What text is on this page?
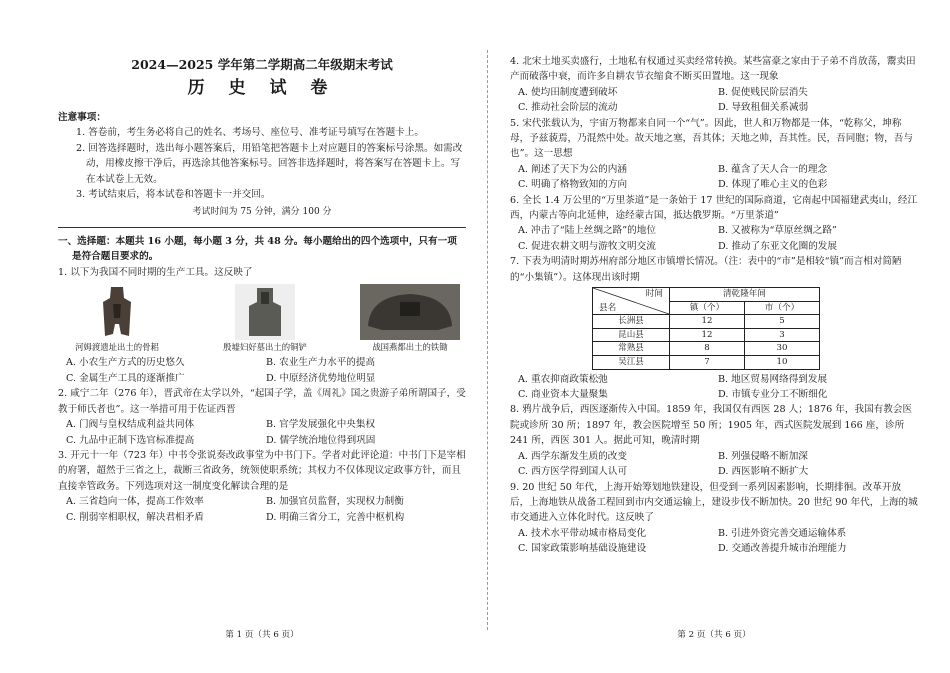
2024—2025 学年第二学期高二年级期末考试
历 史 试 卷
注意事项：
1. 答卷前，考生务必将自己的姓名、考场号、座位号、准考证号填写在答题卡上。
2. 回答选择题时，选出每小题答案后，用铅笔把答题卡上对应题目的答案标号涂黑。如需改动，用橡皮擦干净后，再选涂其他答案标号。回答非选择题时，将答案写在答题卡上。写在本试卷上无效。
3. 考试结束后，将本试卷和答题卡一并交回。
考试时间为 75 分钟，满分 100 分
一、选择题：本题共 16 小题，每小题 3 分，共 48 分。每小题给出的四个选项中，只有一项是符合题目要求的。
1. 以下为我国不同时期的生产工具。这反映了
河姆渡遗址出土的骨耜	殷墟妇好墓出土的铜铲	战国燕都出土的铁锄
A. 小农生产方式的历史悠久	B. 农业生产力水平的提高
C. 金属生产工具的逐渐推广	D. 中原经济优势地位明显
2. 咸宁二年（276 年），晋武帝在太学以外，“起国子学，盖《周礼》国之贵游子弟所谓国子，受教于师氏者也”。这一举措可用于佐证西晋
A. 门阀与皇权结成利益共同体	B. 官学发展强化中央集权
C. 九品中正制下选官标准提高	D. 儒学统治地位得到巩固
3. 开元十一年（723 年）中书令张说奏改政事堂为中书门下。学者对此评论道：中书门下是宰相的府署，超然于三省之上，裁断三省政务，统领使职系统；其权力不仅体现议定政事方针，而且直接幸管政务。下列选项对这一制度变化解读合理的是
A. 三省趋向一体，提高工作效率	B. 加强官员监督，实现权力制衡
C. 削弱宰相职权，解决君相矛盾	D. 明确三省分工，完善中枢机构
第 1 页（共 6 页）
4. 北宋土地买卖盛行，土地私有权通过买卖经常转换。某些富豪之家由于子弟不肖放荡，鬻卖田产而破落中衰，而许多自耕农节衣缩食不断买田置地。这一现象
A. 使均田制度遭到破坏	B. 促使贱民阶层消失
C. 推动社会阶层的流动	D. 导致租佃关系减弱
5. 宋代张载认为，宇宙万物都来自同一个“气”。因此，世人和万物都是一体，“乾称父，坤称母，予兹藐焉，乃混然中处。故天地之塞，吾其体；天地之帅，吾其性。民，吾同胞；物，吾与也”。这一思想
A. 阐述了天下为公的内涵	B. 蕴含了天人合一的理念
C. 明确了格物致知的方向	D. 体现了唯心主义的色彩
6. 全长 1.4 万公里的“万里茶道”是一条始于 17 世纪的国际商道，它南起中国福建武夷山，经江西，内蒙古等向北延伸，途经蒙古国，抵达俄罗斯。“万里茶道”
A. 冲击了“陆上丝绸之路”的地位	B. 又被称为“草原丝绸之路”
C. 促进农耕文明与游牧文明交流	D. 推动了东亚文化圈的发展
7. 下表为明清时期苏州府部分地区市镇增长情况。（注：表中的“市”是相较“镇”而言相对简陋的“小集镇”）。这体现出该时期
时间
县名	清乾隆年间	
	镇（个）	市（个）
长洲县	12	5
昆山县	12	3
常熟县	8	30
吴江县	7	10
A. 重农抑商政策松弛	B. 地区贸易网络得到发展
C. 商业资本大量聚集	D. 市镇专业分工不断细化
8. 鸦片战争后，西医逐渐传入中国。1859 年，我国仅有西医 28 人；1876 年，我国有教会医院或诊所 30 所；1897 年，教会医院增至 50 所；1905 年，西式医院发展到 166 座，诊所 241 所，西医 301 人。据此可知，晚清时期
A. 西学东渐发生质的改变	B. 列强侵略不断加深
C. 西方医学得到国人认可	D. 西医影响不断扩大
9. 20 世纪 50 年代，上海开始筹划地铁建设，但受到一系列因素影响，长期排徊。改革开放后，上海地铁从战备工程回到市内交通运输上，建设步伐不断加快。20 世纪 90 年代，上海的城市交通进入立体化时代。这反映了
A. 技术水平带动城市格局变化	B. 引进外资完善交通运输体系
C. 国家政策影响基础设施建设	D. 交通改善提升城市治理能力
第 2 页（共 6 页）
